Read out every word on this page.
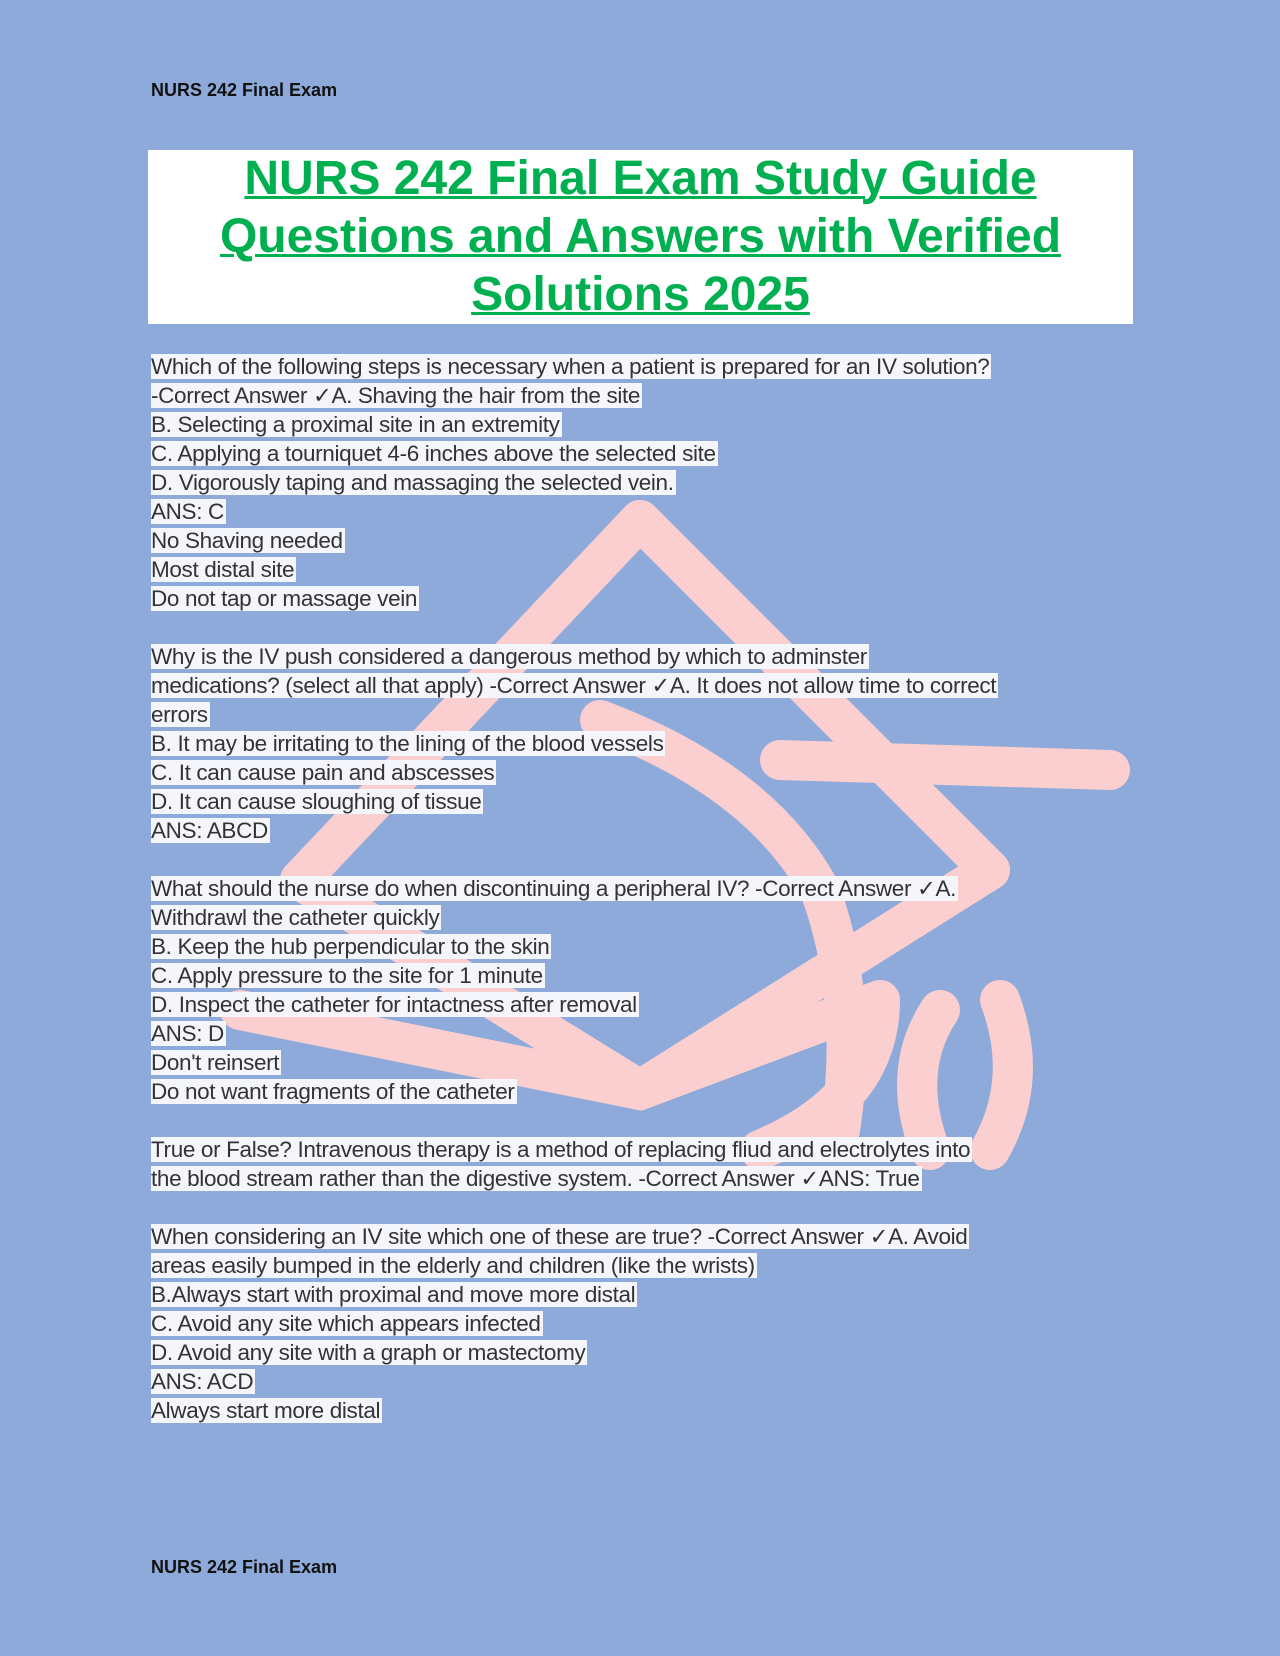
NURS 242 Final Exam
NURS 242 Final Exam Study Guide
Questions and Answers with Verified
Solutions 2025
Which of the following steps is necessary when a patient is prepared for an IV solution?
-Correct Answer ✓A. Shaving the hair from the site
B. Selecting a proximal site in an extremity
C. Applying a tourniquet 4-6 inches above the selected site
D. Vigorously taping and massaging the selected vein.
ANS: C
No Shaving needed
Most distal site
Do not tap or massage vein
Why is the IV push considered a dangerous method by which to adminster
medications? (select all that apply) -Correct Answer ✓A. It does not allow time to correct
errors
B. It may be irritating to the lining of the blood vessels
C. It can cause pain and abscesses
D. It can cause sloughing of tissue
ANS: ABCD
What should the nurse do when discontinuing a peripheral IV? -Correct Answer ✓A.
Withdrawl the catheter quickly
B. Keep the hub perpendicular to the skin
C. Apply pressure to the site for 1 minute
D. Inspect the catheter for intactness after removal
ANS: D
Don't reinsert
Do not want fragments of the catheter
True or False? Intravenous therapy is a method of replacing fliud and electrolytes into
the blood stream rather than the digestive system. -Correct Answer ✓ANS: True
When considering an IV site which one of these are true? -Correct Answer ✓A. Avoid
areas easily bumped in the elderly and children (like the wrists)
B.Always start with proximal and move more distal
C. Avoid any site which appears infected
D. Avoid any site with a graph or mastectomy
ANS: ACD
Always start more distal
NURS 242 Final Exam
